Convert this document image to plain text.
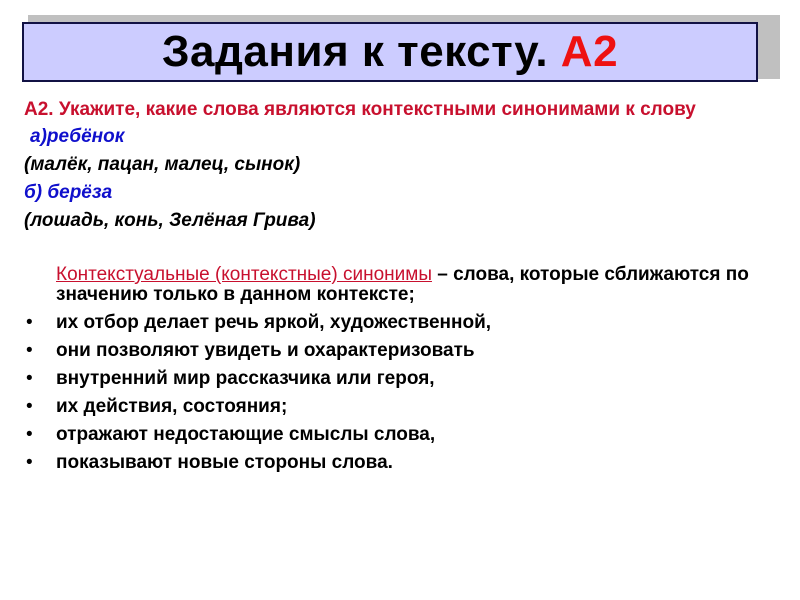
Задания к тексту. А2
А2. Укажите, какие слова являются контекстными синонимами к слову
а)ребёнок
(малёк, пацан, малец, сынок)
б) берёза
(лошадь, конь, Зелёная Грива)
Контекстуальные (контекстные) синонимы – слова, которые сближаются по значению только в данном контексте;
• их отбор делает речь яркой, художественной,
• они позволяют увидеть и охарактеризовать
• внутренний мир рассказчика или героя,
• их действия, состояния;
• отражают недостающие смыслы слова,
• показывают новые стороны слова.
